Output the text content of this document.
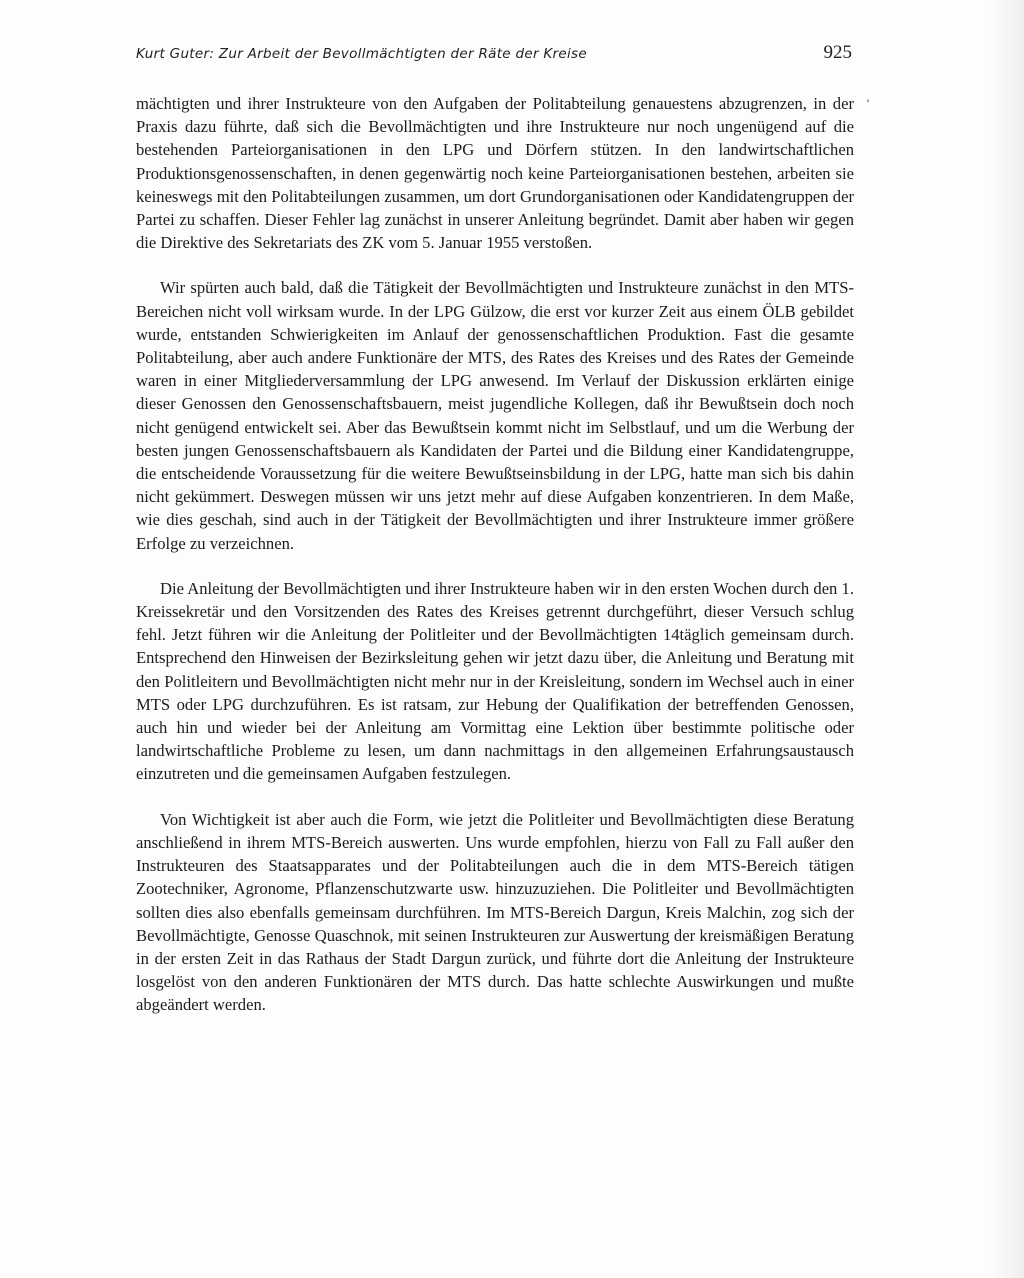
Kurt Guter: Zur Arbeit der Bevollmächtigten der Räte der Kreise	925
‘

mächtigten und ihrer Instrukteure von den Aufgaben der Politabteilung genauestens abzugrenzen, in der Praxis dazu führte, daß sich die Bevollmächtigten und ihre Instrukteure nur noch ungenügend auf die bestehenden Parteiorganisationen in den LPG und Dörfern stützen. In den landwirtschaftlichen Produktionsgenossenschaften, in denen gegenwärtig noch keine Parteiorganisationen bestehen, arbeiten sie keineswegs mit den Politabteilungen zusammen, um dort Grundorganisationen oder Kandidatengruppen der Partei zu schaffen. Dieser Fehler lag zunächst in unserer Anleitung begründet. Damit aber haben wir gegen die Direktive des Sekretariats des ZK vom 5. Januar 1955 verstoßen.

Wir spürten auch bald, daß die Tätigkeit der Bevollmächtigten und Instrukteure zunächst in den MTS-Bereichen nicht voll wirksam wurde. In der LPG Gülzow, die erst vor kurzer Zeit aus einem ÖLB gebildet wurde, entstanden Schwierigkeiten im Anlauf der genossenschaftlichen Produktion. Fast die gesamte Politabteilung, aber auch andere Funktionäre der MTS, des Rates des Kreises und des Rates der Gemeinde waren in einer Mitgliederversammlung der LPG anwesend. Im Verlauf der Diskussion erklärten einige dieser Genossen den Genossenschaftsbauern, meist jugendliche Kollegen, daß ihr Bewußtsein doch noch nicht genügend entwickelt sei. Aber das Bewußtsein kommt nicht im Selbstlauf, und um die Werbung der besten jungen Genossenschaftsbauern als Kandidaten der Partei und die Bildung einer Kandidatengruppe, die entscheidende Voraussetzung für die weitere Bewußtseinsbildung in der LPG, hatte man sich bis dahin nicht gekümmert. Deswegen müssen wir uns jetzt mehr auf diese Aufgaben konzentrieren. In dem Maße, wie dies geschah, sind auch in der Tätigkeit der Bevollmächtigten und ihrer Instrukteure immer größere Erfolge zu verzeichnen.

Die Anleitung der Bevollmächtigten und ihrer Instrukteure haben wir in den ersten Wochen durch den 1. Kreissekretär und den Vorsitzenden des Rates des Kreises getrennt durchgeführt, dieser Versuch schlug fehl. Jetzt führen wir die Anleitung der Politleiter und der Bevollmächtigten 14täglich gemeinsam durch. Entsprechend den Hinweisen der Bezirksleitung gehen wir jetzt dazu über, die Anleitung und Beratung mit den Politleitern und Bevollmächtigten nicht mehr nur in der Kreisleitung, sondern im Wechsel auch in einer MTS oder LPG durchzuführen. Es ist ratsam, zur Hebung der Qualifikation der betreffenden Genossen, auch hin und wieder bei der Anleitung am Vormittag eine Lektion über bestimmte politische oder landwirtschaftliche Probleme zu lesen, um dann nachmittags in den allgemeinen Erfahrungsaustausch einzutreten und die gemeinsamen Aufgaben festzulegen.

Von Wichtigkeit ist aber auch die Form, wie jetzt die Politleiter und Bevollmächtigten diese Beratung anschließend in ihrem MTS-Bereich auswerten. Uns wurde empfohlen, hierzu von Fall zu Fall außer den Instrukteuren des Staatsapparates und der Politabteilungen auch die in dem MTS-Bereich tätigen Zootechniker, Agronome, Pflanzenschutzwarte usw. hinzuzuziehen. Die Politleiter und Bevollmächtigten sollten dies also ebenfalls gemeinsam durchführen. Im MTS-Bereich Dargun, Kreis Malchin, zog sich der Bevollmächtigte, Genosse Quaschnok, mit seinen Instrukteuren zur Auswertung der kreismäßigen Beratung in der ersten Zeit in das Rathaus der Stadt Dargun zurück, und führte dort die Anleitung der Instrukteure losgelöst von den anderen Funktionären der MTS durch. Das hatte schlechte Auswirkungen und mußte abgeändert werden.
